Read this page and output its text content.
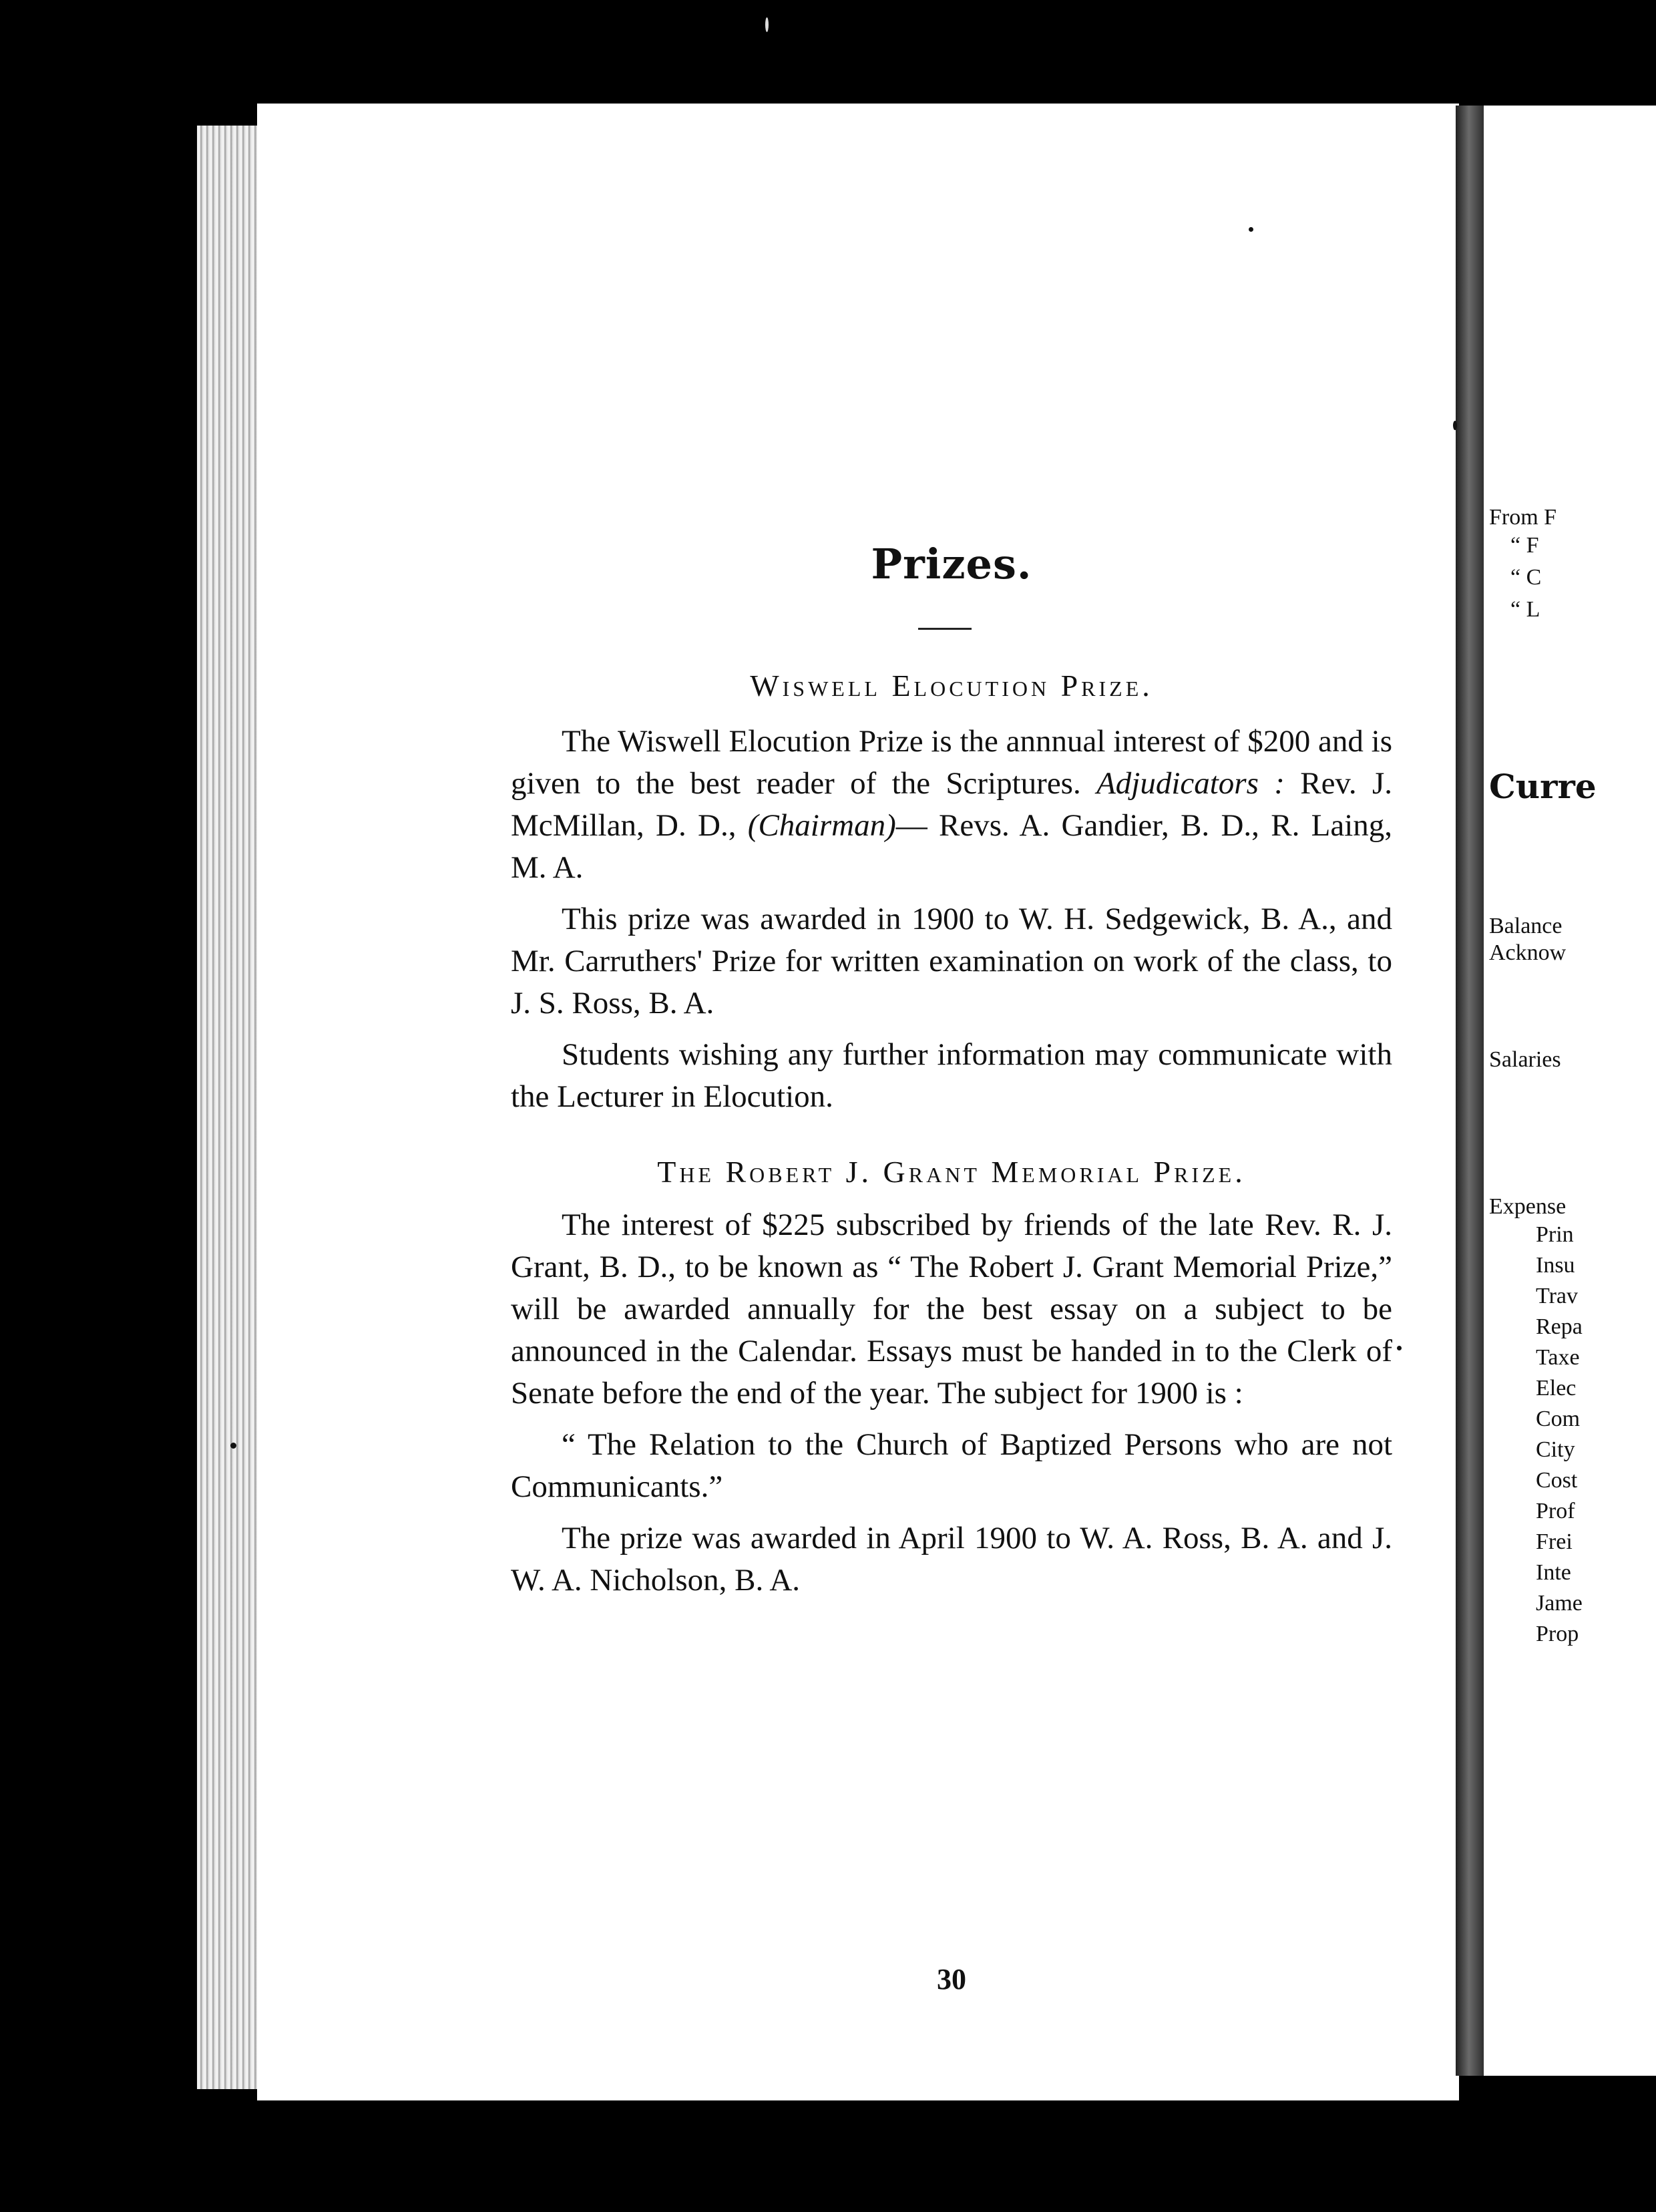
From F
“ F
“ C
“ L
Curre
Balance
Acknow
Salaries
Expense
Prin
Insu
Trav
Repa
Taxe
Elec
Com
City
Cost
Prof
Frei
Inte
Jame
Prop
Prizes.

Wiswell Elocution Prize.

The Wiswell Elocution Prize is the annnual interest of $200 and is given to the best reader of the Scriptures. Adjudicators : Rev. J. McMillan, D. D., (Chairman)— Revs. A. Gandier, B. D., R. Laing, M. A.

This prize was awarded in 1900 to W. H. Sedgewick, B. A., and Mr. Carruthers' Prize for written examination on work of the class, to J. S. Ross, B. A.

Students wishing any further information may communicate with the Lecturer in Elocution.

The Robert J. Grant Memorial Prize.

The interest of $225 subscribed by friends of the late Rev. R. J. Grant, B. D., to be known as “ The Robert J. Grant Memorial Prize,” will be awarded annually for the best essay on a subject to be announced in the Calendar. Essays must be handed in to the Clerk of Senate before the end of the year. The subject for 1900 is :

“ The Relation to the Church of Baptized Persons who are not Communicants.”

The prize was awarded in April 1900 to W. A. Ross, B. A. and J. W. A. Nicholson, B. A.

30
